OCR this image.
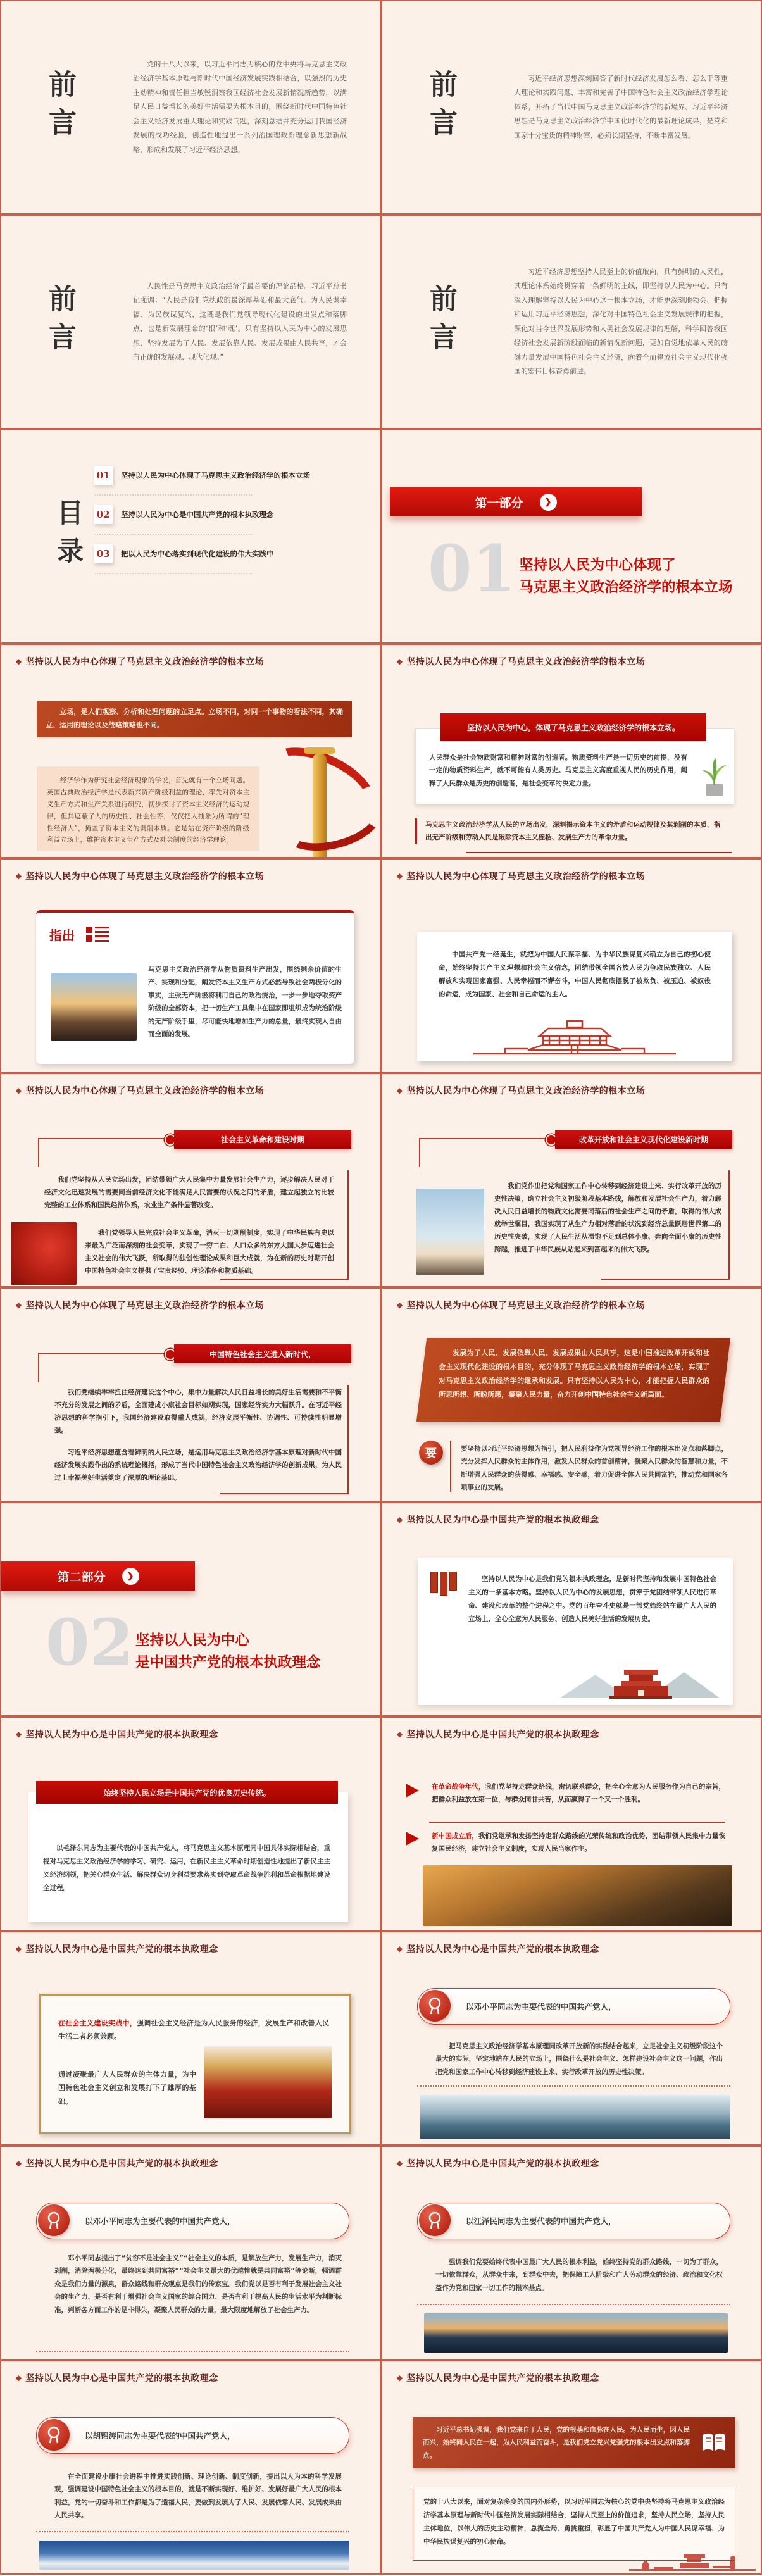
前言
党的十八大以来，以习近平同志为核心的党中央将马克思主义政治经济学基本原理与新时代中国经济发展实践相结合，以强烈的历史主动精神和责任担当敏锐洞察我国经济社会发展新情况新趋势，以满足人民日益增长的美好生活需要为根本目的，围绕新时代中国特色社会主义经济发展重大理论和实践问题，深刻总结并充分运用我国经济发展的成功经验，创造性地提出一系列治国理政新理念新思想新战略，形成和发展了习近平经济思想。
前言	习近平经济思想深刻回答了新时代经济发展怎么看、怎么干等重大理论和实践问题，丰富和完善了中国特色社会主义政治经济学理论体系，开拓了当代中国马克思主义政治经济学的新境界。习近平经济思想是马克思主义政治经济学中国化时代化的最新理论成果，是党和国家十分宝贵的精神财富，必须长期坚持、不断丰富发展。
前言	人民性是马克思主义政治经济学最首要的理论品格。习近平总书记强调：“人民是我们党执政的最深厚基础和最大底气。为人民谋幸福、为民族谋复兴，这既是我们党领导现代化建设的出发点和落脚点，也是新发展理念的‘根’和‘魂’。只有坚持以人民为中心的发展思想，坚持发展为了人民、发展依靠人民、发展成果由人民共享，才会有正确的发展观、现代化观。”	前言
习近平经济思想坚持人民至上的价值取向，具有鲜明的人民性，其理论体系始终贯穿着一条鲜明的主线，即坚持以人民为中心。只有深入理解坚持以人民为中心这一根本立场，才能更深刻地领会、把握和运用习近平经济思想，深化对中国特色社会主义发展规律的把握，深化对当今世界发展形势和人类社会发展规律的理解，科学回答我国经济社会发展新阶段面临的新情况新问题，更加自觉地依靠人民的磅礴力量发展中国特色社会主义经济，向着全面建成社会主义现代化强国的宏伟目标奋勇前进。
目录
01	坚持以人民为中心体现了马克思主义政治经济学的根本立场
02	坚持以人民为中心是中国共产党的根本执政理念
03	把以人民为中心落实到现代化建设的伟大实践中
第一部分	❯
01 坚持以人民为中心体现了
马克思主义政治经济学的根本立场
❖ 坚持以人民为中心体现了马克思主义政治经济学的根本立场
立场，是人们观察、分析和处理问题的立足点。立场不同，对同一个事物的看法不同，其确立、运用的理论以及战略策略也不同。
经济学作为研究社会经济现象的学说，首先就有一个立场问题。英国古典政治经济学是代表新兴资产阶级利益的理论，率先对资本主义生产方式和生产关系进行研究，初步探讨了资本主义经济的运动规律，但其遮蔽了人的历史性、社会性等，仅仅把人抽象为所谓的“理性经济人”，掩盖了资本主义的剥削本质。它是站在资产阶级的阶级利益立场上，维护资本主义生产方式及社会制度的经济学理论。
❖ 坚持以人民为中心体现了马克思主义政治经济学的根本立场
坚持以人民为中心，体现了马克思主义政治经济学的根本立场。
人民群众是社会物质财富和精神财富的创造者。物质资料生产是一切历史的前提，没有一定的物质资料生产，就不可能有人类历史。马克思主义高度重视人民的历史作用，阐释了人民群众是历史的创造者，是社会变革的决定力量。
马克思主义政治经济学从人民的立场出发，深刻揭示资本主义的矛盾和运动规律及其剥削的本质，指出无产阶级和劳动人民是破除资本主义桎梏、发展生产力的革命力量。
❖ 坚持以人民为中心体现了马克思主义政治经济学的根本立场
指出
马克思主义政治经济学从物质资料生产出发，围绕剩余价值的生产、实现和分配，阐发资本主义生产方式必然导致社会两极分化的事实，主张无产阶级将利用自己的政治统治，一步一步地夺取资产阶级的全部资本，把一切生产工具集中在国家即组织成为统治阶级的无产阶级手里，尽可能快地增加生产力的总量，最终实现人自由而全面的发展。
❖ 坚持以人民为中心体现了马克思主义政治经济学的根本立场
中国共产党一经诞生，就把为中国人民谋幸福、为中华民族谋复兴确立为自己的初心使命，始终坚持共产主义理想和社会主义信念，团结带领全国各族人民为争取民族独立、人民解放和实现国家富强、人民幸福而不懈奋斗，中国人民彻底摆脱了被欺负、被压迫、被奴役的命运，成为国家、社会和自己命运的主人。
❖ 坚持以人民为中心体现了马克思主义政治经济学的根本立场
社会主义革命和建设时期
我们党坚持从人民立场出发，团结带领广大人民集中力量发展社会生产力，逐步解决人民对于经济文化迅速发展的需要同当前经济文化不能满足人民需要的状况之间的矛盾，建立起独立的比较完整的工业体系和国民经济体系，农业生产条件显著改变。
我们党领导人民完成社会主义革命，消灭一切剥削制度，实现了中华民族有史以来最为广泛而深刻的社会变革，实现了一穷二白、人口众多的东方大国大步迈进社会主义社会的伟大飞跃，所取得的独创性理论成果和巨大成就，为在新的历史时期开创中国特色社会主义提供了宝贵经验、理论准备和物质基础。
❖ 坚持以人民为中心体现了马克思主义政治经济学的根本立场
改革开放和社会主义现代化建设新时期
我们党作出把党和国家工作中心转移到经济建设上来、实行改革开放的历史性决策，确立社会主义初级阶段基本路线，解放和发展社会生产力，着力解决人民日益增长的物质文化需要同落后的社会生产之间的矛盾，取得的伟大成就举世瞩目，我国实现了从生产力相对落后的状况到经济总量跃居世界第二的历史性突破，实现了人民生活从温饱不足到总体小康、奔向全面小康的历史性跨越，推进了中华民族从站起来到富起来的伟大飞跃。
❖ 坚持以人民为中心体现了马克思主义政治经济学的根本立场
中国特色社会主义进入新时代，
我们党继续牢牢扭住经济建设这个中心，集中力量解决人民日益增长的美好生活需要和不平衡不充分的发展之间的矛盾，全面建成小康社会目标如期实现，国家经济实力大幅跃升。在习近平经济思想的科学指引下，我国经济建设取得重大成就，经济发展平衡性、协调性、可持续性明显增强。
习近平经济思想蕴含着鲜明的人民立场，是运用马克思主义政治经济学基本原理对新时代中国经济发展实践作出的系统理论概括，形成了当代中国特色社会主义政治经济学的创新成果，为人民过上幸福美好生活奠定了深厚的理论基础。
❖ 坚持以人民为中心体现了马克思主义政治经济学的根本立场
发展为了人民、发展依靠人民、发展成果由人民共享，这是中国推进改革开放和社会主义现代化建设的根本目的，充分体现了马克思主义政治经济学的根本立场，实现了对马克思主义政治经济学的继承和发展。只有坚持以人民为中心，才能把握人民群众的所思所想、所盼所愿，凝聚人民力量，奋力开创中国特色社会主义新局面。
要	要坚持以习近平经济思想为指引，把人民利益作为党领导经济工作的根本出发点和落脚点，充分发挥人民群众的主体作用，激发人民群众的首创精神，凝聚人民群众的智慧和力量，不断增强人民群众的获得感、幸福感、安全感，着力促进全体人民共同富裕，推动党和国家各项事业的发展。
第二部分	❯
02 坚持以人民为中心
是中国共产党的根本执政理念
❖ 坚持以人民为中心是中国共产党的根本执政理念
坚持以人民为中心是我们党的根本执政理念，是新时代坚持和发展中国特色社会主义的一条基本方略。坚持以人民为中心的发展思想，贯穿于党团结带领人民进行革命、建设和改革的整个进程之中。党的百年奋斗史就是一部党始终站在最广大人民的立场上、全心全意为人民服务、创造人民美好生活的发展历史。
❖ 坚持以人民为中心是中国共产党的根本执政理念
始终坚持人民立场是中国共产党的优良历史传统。
以毛泽东同志为主要代表的中国共产党人，将马克思主义基本原理同中国具体实际相结合，重视对马克思主义政治经济学的学习、研究、运用，在新民主主义革命时期创造性地提出了新民主主义经济纲领，把关心群众生活、解决群众切身利益要求落实到夺取革命战争胜利和革命根据地建设全过程。
❖ 坚持以人民为中心是中国共产党的根本执政理念
在革命战争年代，我们党坚持走群众路线，密切联系群众，把全心全意为人民服务作为自己的宗旨，把群众利益放在第一位，与群众同甘共苦，从而赢得了一个又一个胜利。
新中国成立后，我们党继承和发扬坚持走群众路线的光荣传统和政治优势，团结带领人民集中力量恢复国民经济，建立社会主义制度，实现人民当家作主。
❖ 坚持以人民为中心是中国共产党的根本执政理念
在社会主义建设实践中，强调社会主义经济是为人民服务的经济，发展生产和改善人民生活二者必须兼顾。
通过凝聚最广大人民群众的主体力量，为中国特色社会主义创立和发展打下了雄厚的基础。
❖ 坚持以人民为中心是中国共产党的根本执政理念
以邓小平同志为主要代表的中国共产党人，
把马克思主义政治经济学基本原理同改革开放新的实践结合起来，立足社会主义初级阶段这个最大的实际，坚定地站在人民的立场上，围绕什么是社会主义、怎样建设社会主义这一问题，作出把党和国家工作中心转移到经济建设上来、实行改革开放的历史性决策。
❖ 坚持以人民为中心是中国共产党的根本执政理念
以邓小平同志为主要代表的中国共产党人，
邓小平同志提出了“贫穷不是社会主义”“社会主义的本质，是解放生产力，发展生产力，消灭剥削，消除两极分化，最终达到共同富裕”“社会主义最大的优越性就是共同富裕”等论断，强调群众是我们力量的源泉，群众路线和群众观点是我们的传家宝。我们党以是否有利于发展社会主义社会的生产力、是否有利于增强社会主义国家的综合国力、是否有利于提高人民的生活水平为判断标准，判断各方面工作的是非得失，凝聚人民群众的力量，最大限度地解放了社会生产力。
❖ 坚持以人民为中心是中国共产党的根本执政理念
以江泽民同志为主要代表的中国共产党人，
强调我们党要始终代表中国最广大人民的根本利益，始终坚持党的群众路线，一切为了群众，一切依靠群众，从群众中来，到群众中去，把保障工人阶级和广大劳动群众的经济、政治和文化权益作为党和国家一切工作的根本基点。
❖ 坚持以人民为中心是中国共产党的根本执政理念
以胡锦涛同志为主要代表的中国共产党人，
在全面建设小康社会进程中推进实践创新、理论创新、制度创新，提出以人为本的科学发展观，强调建设中国特色社会主义的根本目的，就是不断实现好、维护好、发展好最广大人民的根本利益，党的一切奋斗和工作都是为了造福人民，要做到发展为了人民、发展依靠人民、发展成果由人民共享。
❖ 坚持以人民为中心是中国共产党的根本执政理念
习近平总书记强调，我们党来自于人民，党的根基和血脉在人民。为人民而生，因人民而兴，始终同人民在一起，为人民利益而奋斗，是我们党立党兴党强党的根本出发点和落脚点。
党的十八大以来，面对复杂多变的国内外形势，以习近平同志为核心的党中央坚持将马克思主义政治经济学基本原理与新时代中国经济发展实际相结合，坚持人民至上的价值追求，坚持人民立场，坚持人民主体地位，以伟大的历史主动精神，总揽全局、勇挑重担，彰显了中国共产党人为中国人民谋幸福、为中华民族谋复兴的初心使命。
